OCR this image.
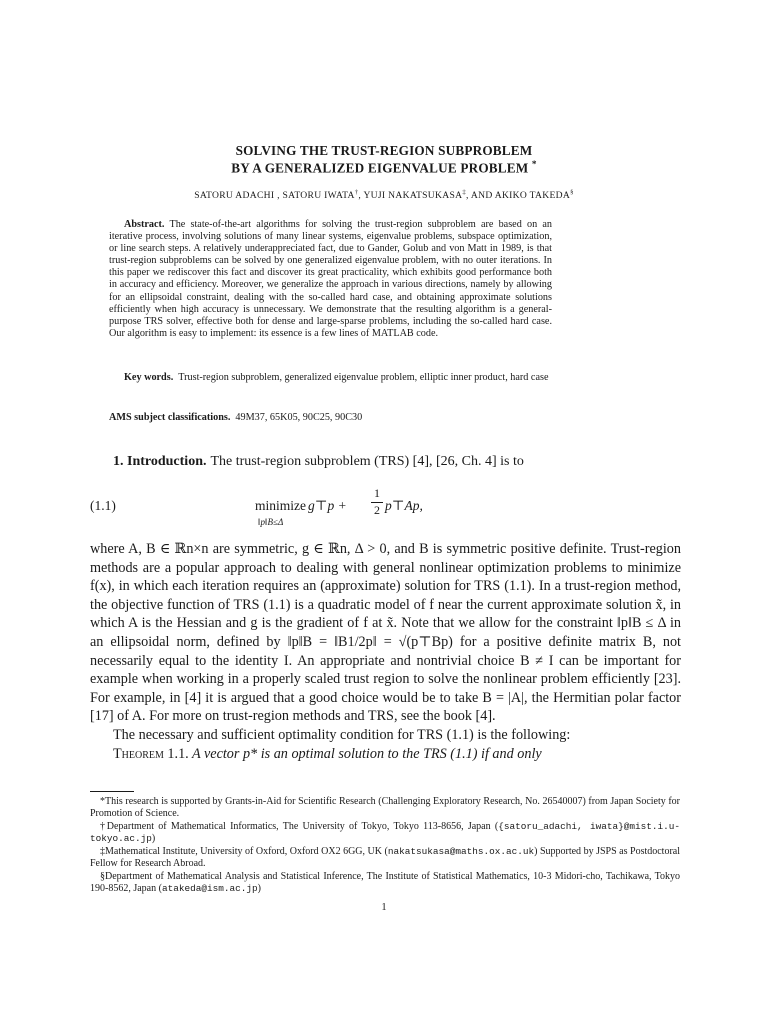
SOLVING THE TRUST-REGION SUBPROBLEM
BY A GENERALIZED EIGENVALUE PROBLEM *
SATORU ADACHI , SATORU IWATA†, YUJI NAKATSUKASA‡, AND AKIKO TAKEDA§
Abstract. The state-of-the-art algorithms for solving the trust-region subproblem are based on an iterative process, involving solutions of many linear systems, eigenvalue problems, subspace optimization, or line search steps. A relatively underappreciated fact, due to Gander, Golub and von Matt in 1989, is that trust-region subproblems can be solved by one generalized eigenvalue problem, with no outer iterations. In this paper we rediscover this fact and discover its great practicality, which exhibits good performance both in accuracy and efficiency. Moreover, we generalize the approach in various directions, namely by allowing for an ellipsoidal constraint, dealing with the so-called hard case, and obtaining approximate solutions efficiently when high accuracy is unnecessary. We demonstrate that the resulting algorithm is a general-purpose TRS solver, effective both for dense and large-sparse problems, including the so-called hard case. Our algorithm is easy to implement: its essence is a few lines of MATLAB code.
Key words. Trust-region subproblem, generalized eigenvalue problem, elliptic inner product, hard case
AMS subject classifications. 49M37, 65K05, 90C25, 90C30
1. Introduction. The trust-region subproblem (TRS) [4], [26, Ch. 4] is to
(1.1)	minimize
‖p‖B≤Δ
g⊤p +
1
2 p⊤Ap,

where A, B ∈ ℝn×n are symmetric, g ∈ ℝn, Δ > 0, and B is symmetric positive definite. Trust-region methods are a popular approach to dealing with general nonlinear optimization problems to minimize f(x), in which each iteration requires an (approximate) solution for TRS (1.1). In a trust-region method, the objective function of TRS (1.1) is a quadratic model of f near the current approximate solution x̃, in which A is the Hessian and g is the gradient of f at x̃. Note that we allow for the constraint ‖p‖B ≤ Δ in an ellipsoidal norm, defined by ‖p‖B = ‖B1/2p‖ = √(p⊤Bp) for a positive definite matrix B, not necessarily equal to the identity I. An appropriate and nontrivial choice B ≠ I can be important for example when working in a properly scaled trust region to solve the nonlinear problem efficiently [23]. For example, in [4] it is argued that a good choice would be to take B = |A|, the Hermitian polar factor [17] of A. For more on trust-region methods and TRS, see the book [4].

The necessary and sufficient optimality condition for TRS (1.1) is the following:

Theorem 1.1. A vector p* is an optimal solution to the TRS (1.1) if and only

*This research is supported by Grants-in-Aid for Scientific Research (Challenging Exploratory Research, No. 26540007) from Japan Society for Promotion of Science.

†Department of Mathematical Informatics, The University of Tokyo, Tokyo 113-8656, Japan ({satoru_adachi, iwata}@mist.i.u-tokyo.ac.jp)

‡Mathematical Institute, University of Oxford, Oxford OX2 6GG, UK (nakatsukasa@maths.ox.ac.uk) Supported by JSPS as Postdoctoral Fellow for Research Abroad.

§Department of Mathematical Analysis and Statistical Inference, The Institute of Statistical Mathematics, 10-3 Midori-cho, Tachikawa, Tokyo 190-8562, Japan (atakeda@ism.ac.jp)

1
